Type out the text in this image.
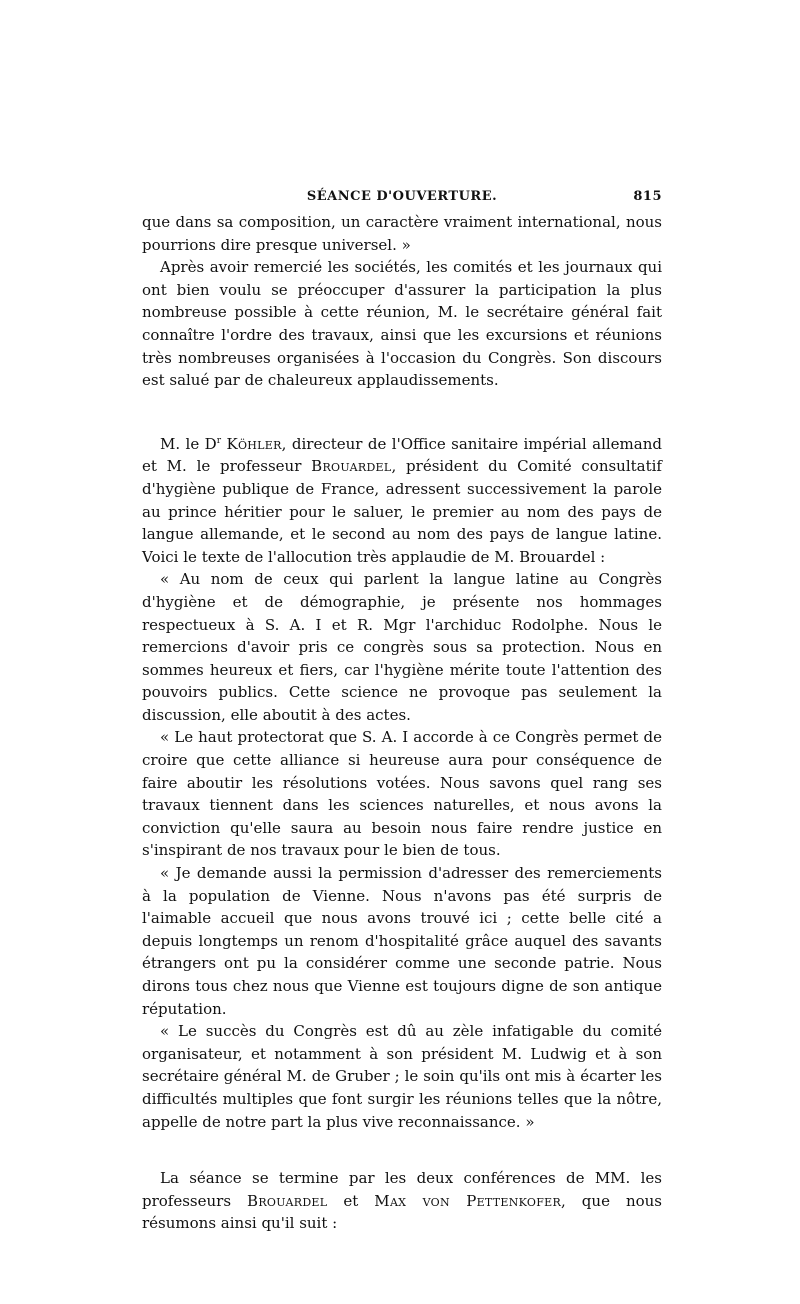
SÉANCE D'OUVERTURE.	815

que dans sa composition, un caractère vraiment international, nous pourrions dire presque universel. »

Après avoir remercié les sociétés, les comités et les journaux qui ont bien voulu se préoccuper d'assurer la participation la plus nombreuse possible à cette réunion, M. le secrétaire général fait connaître l'ordre des travaux, ainsi que les excursions et réunions très nombreuses organisées à l'occasion du Congrès. Son discours est salué par de chaleureux applaudissements.

M. le $D^r$ Köhler, directeur de l'Office sanitaire impérial allemand et M. le professeur Brouardel, président du Comité consultatif d'hygiène publique de France, adressent successivement la parole au prince héritier pour le saluer, le premier au nom des pays de langue allemande, et le second au nom des pays de langue latine. Voici le texte de l'allocution très applaudie de M. Brouardel :

« Au nom de ceux qui parlent la langue latine au Congrès d'hygiène et de démographie, je présente nos hommages respectueux à S. A. I et R. Mgr l'archiduc Rodolphe. Nous le remercions d'avoir pris ce congrès sous sa protection. Nous en sommes heureux et fiers, car l'hygiène mérite toute l'attention des pouvoirs publics. Cette science ne provoque pas seulement la discussion, elle aboutit à des actes.

« Le haut protectorat que S. A. I accorde à ce Congrès permet de croire que cette alliance si heureuse aura pour conséquence de faire aboutir les résolutions votées. Nous savons quel rang ses travaux tiennent dans les sciences naturelles, et nous avons la conviction qu'elle saura au besoin nous faire rendre justice en s'inspirant de nos travaux pour le bien de tous.

« Je demande aussi la permission d'adresser des remerciements à la population de Vienne. Nous n'avons pas été surpris de l'aimable accueil que nous avons trouvé ici ; cette belle cité a depuis longtemps un renom d'hospitalité grâce auquel des savants étrangers ont pu la considérer comme une seconde patrie. Nous dirons tous chez nous que Vienne est toujours digne de son antique réputation.

« Le succès du Congrès est dû au zèle infatigable du comité organisateur, et notamment à son président M. Ludwig et à son secrétaire général M. de Gruber ; le soin qu'ils ont mis à écarter les difficultés multiples que font surgir les réunions telles que la nôtre, appelle de notre part la plus vive reconnaissance. »

La séance se termine par les deux conférences de MM. les professeurs Brouardel et Max von Pettenkofer, que nous résumons ainsi qu'il suit :
